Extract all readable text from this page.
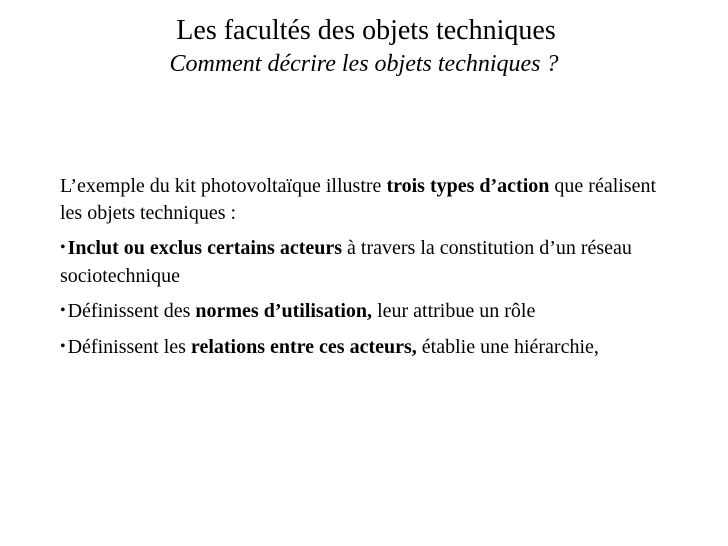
Les facultés des objets techniques
Comment décrire les objets techniques ?
L’exemple du kit photovoltaïque illustre trois types d’action que réalisent les objets techniques :
• Inclut ou exclus certains acteurs à travers la constitution d’un réseau sociotechnique
• Définissent des normes d’utilisation, leur attribue un rôle
• Définissent les relations entre ces acteurs, établie une hiérarchie,
